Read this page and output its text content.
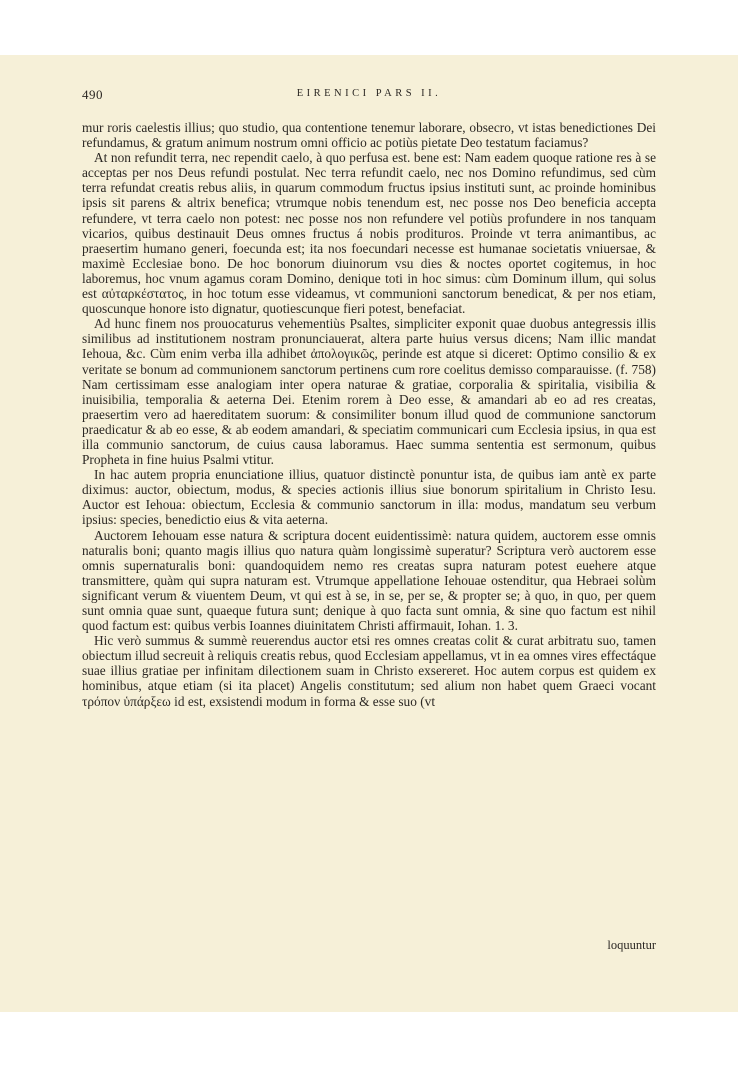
490	EIRENICI PARS II.

mur roris caelestis illius; quo studio, qua contentione tenemur laborare, obsecro, vt istas benedictiones Dei refundamus, & gratum animum nostrum omni officio ac potiùs pietate Deo testatum faciamus?

At non refundit terra, nec rependit caelo, à quo perfusa est. bene est: Nam eadem quoque ratione res à se acceptas per nos Deus refundi postulat. Nec terra refundit caelo, nec nos Domino refundimus, sed cùm terra refundat creatis rebus aliis, in quarum commodum fructus ipsius instituti sunt, ac proinde hominibus ipsis sit parens & altrix benefica; vtrumque nobis tenendum est, nec posse nos Deo beneficia accepta refundere, vt terra caelo non potest: nec posse nos non refundere vel potiùs profundere in nos tanquam vicarios, quibus destinauit Deus omnes fructus á nobis prodituros. Proinde vt terra animantibus, ac praesertim humano generi, foecunda est; ita nos foecundari necesse est humanae societatis vniuersae, & maximè Ecclesiae bono. De hoc bonorum diuinorum vsu dies & noctes oportet cogitemus, in hoc laboremus, hoc vnum agamus coram Domino, denique toti in hoc simus: cùm Dominum illum, qui solus est αὐταρκέστατος, in hoc totum esse videamus, vt communioni sanctorum benedicat, & per nos etiam, quoscunque honore isto dignatur, quotiescunque fieri potest, benefaciat.

Ad hunc finem nos prouocaturus vehementiùs Psaltes, simpliciter exponit quae duobus antegressis illis similibus ad institutionem nostram pronunciauerat, altera parte huius versus dicens; Nam illic mandat Iehoua, &c. Cùm enim verba illa adhibet ἀπολογικῶς, perinde est atque si diceret: Optimo consilio & ex veritate se bonum ad communionem sanctorum pertinens cum rore coelitus demisso comparauisse. (f. 758) Nam certissimam esse analogiam inter opera naturae & gratiae, corporalia & spiritalia, visibilia & inuisibilia, temporalia & aeterna Dei. Etenim rorem à Deo esse, & amandari ab eo ad res creatas, praesertim vero ad haereditatem suorum: & consimiliter bonum illud quod de communione sanctorum praedicatur & ab eo esse, & ab eodem amandari, & speciatim communicari cum Ecclesia ipsius, in qua est illa communio sanctorum, de cuius causa laboramus. Haec summa sententia est sermonum, quibus Propheta in fine huius Psalmi vtitur.

In hac autem propria enunciatione illius, quatuor distinctè ponuntur ista, de quibus iam antè ex parte diximus: auctor, obiectum, modus, & species actionis illius siue bonorum spiritalium in Christo Iesu. Auctor est Iehoua: obiectum, Ecclesia & communio sanctorum in illa: modus, mandatum seu verbum ipsius: species, benedictio eius & vita aeterna.

Auctorem Iehouam esse natura & scriptura docent euidentissimè: natura quidem, auctorem esse omnis naturalis boni; quanto magis illius quo natura quàm longissimè superatur? Scriptura verò auctorem esse omnis supernaturalis boni: quandoquidem nemo res creatas supra naturam potest euehere atque transmittere, quàm qui supra naturam est. Vtrumque appellatione Iehouae ostenditur, qua Hebraei solùm significant verum & viuentem Deum, vt qui est à se, in se, per se, & propter se; à quo, in quo, per quem sunt omnia quae sunt, quaeque futura sunt; denique à quo facta sunt omnia, & sine quo factum est nihil quod factum est: quibus verbis Ioannes diuinitatem Christi affirmauit, Iohan. 1. 3.

Hic verò summus & summè reuerendus auctor etsi res omnes creatas colit & curat arbitratu suo, tamen obiectum illud secreuit à reliquis creatis rebus, quod Ecclesiam appellamus, vt in ea omnes vires effectáque suae illius gratiae per infinitam dilectionem suam in Christo exsereret. Hoc autem corpus est quidem ex hominibus, atque etiam (si ita placet) Angelis constitutum; sed alium non habet quem Graeci vocant τρόπον ὑπάρξεω id est, exsistendi modum in forma & esse suo (vt

loquuntur
